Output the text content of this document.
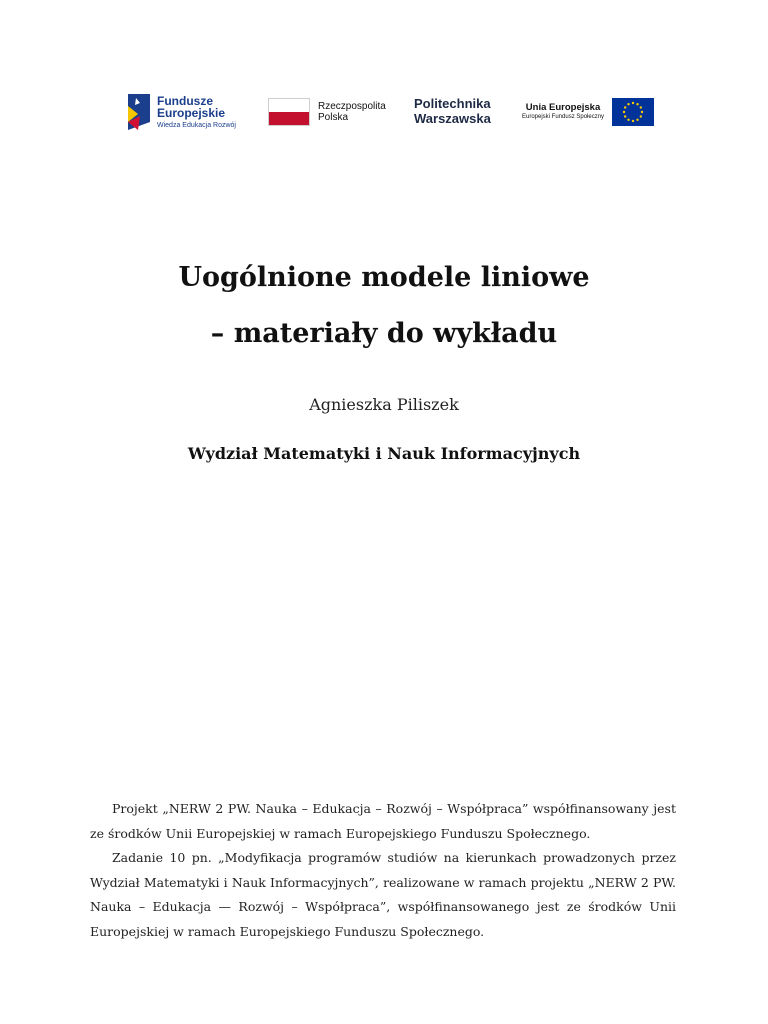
Fundusze
Europejskie
Wiedza Edukacja Rozwój
Rzeczpospolita
Polska
Politechnika
Warszawska
Unia Europejska
Europejski Fundusz Społeczny
Uogólnione modele liniowe
– materiały do wykładu
Agnieszka Piliszek
Wydział Matematyki i Nauk Informacyjnych

Projekt „NERW 2 PW. Nauka – Edukacja – Rozwój – Współpraca” współfinansowany jest ze środków Unii Europejskiej w ramach Europejskiego Funduszu Społecznego.

Zadanie 10 pn. „Modyfikacja programów studiów na kierunkach prowadzonych przez Wydział Matematyki i Nauk Informacyjnych”, realizowane w ramach projektu „NERW 2 PW. Nauka – Edukacja — Rozwój – Współpraca”, współfinansowanego jest ze środków Unii Europejskiej w ramach Europejskiego Funduszu Społecznego.
